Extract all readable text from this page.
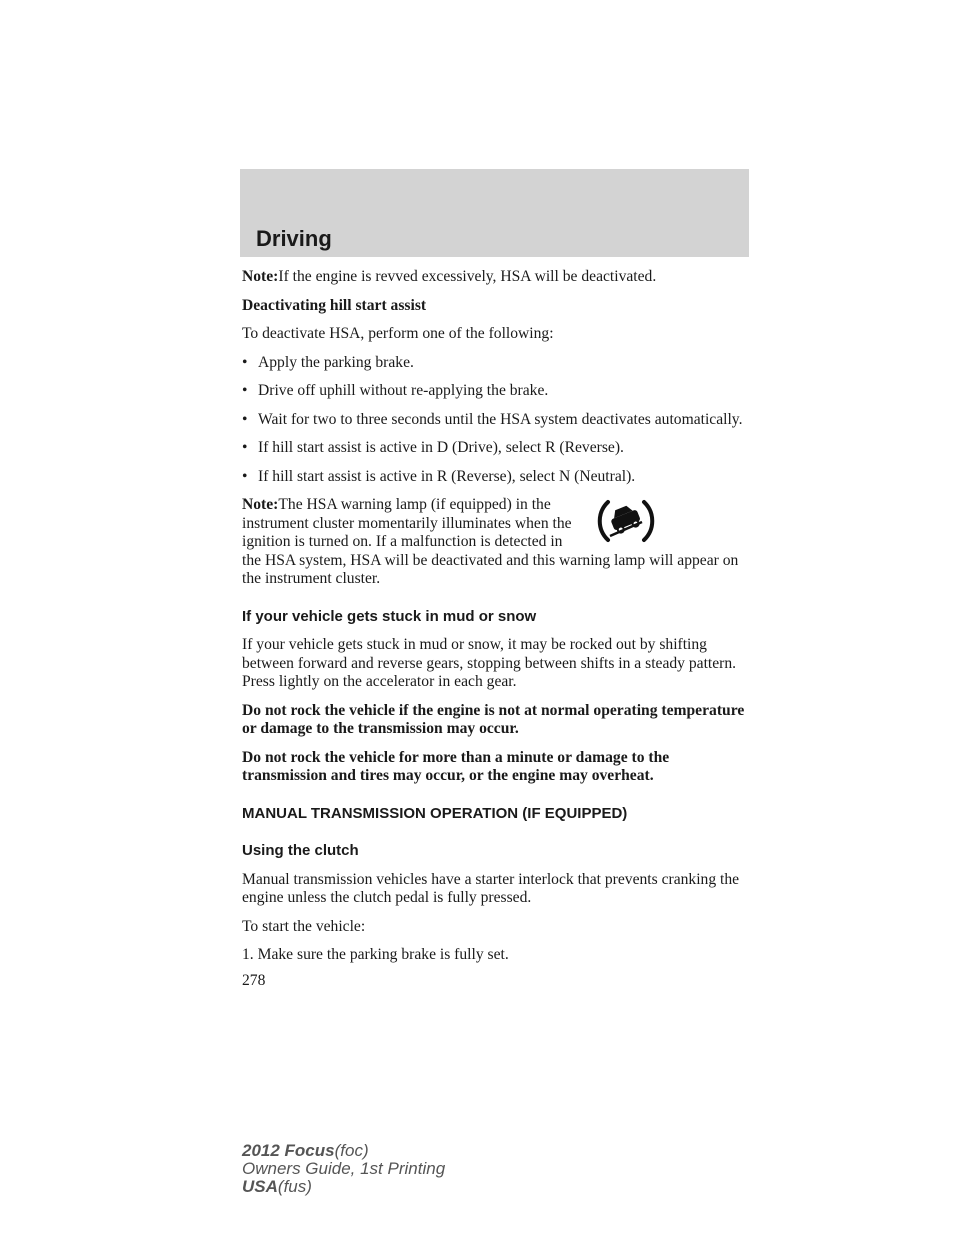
Driving

Note:If the engine is revved excessively, HSA will be deactivated.

Deactivating hill start assist

To deactivate HSA, perform one of the following:

• Apply the parking brake.
• Drive off uphill without re-applying the brake.
• Wait for two to three seconds until the HSA system deactivates automatically.
• If hill start assist is active in D (Drive), select R (Reverse).
• If hill start assist is active in R (Reverse), select N (Neutral).
Note:The HSA warning lamp (if equipped) in the instrument cluster momentarily illuminates when the ignition is turned on. If a malfunction is detected in the HSA system, HSA will be deactivated and this warning lamp will appear on the instrument cluster.

If your vehicle gets stuck in mud or snow

If your vehicle gets stuck in mud or snow, it may be rocked out by shifting between forward and reverse gears, stopping between shifts in a steady pattern. Press lightly on the accelerator in each gear.

Do not rock the vehicle if the engine is not at normal operating temperature or damage to the transmission may occur.

Do not rock the vehicle for more than a minute or damage to the transmission and tires may occur, or the engine may overheat.

MANUAL TRANSMISSION OPERATION (IF EQUIPPED)

Using the clutch

Manual transmission vehicles have a starter interlock that prevents cranking the engine unless the clutch pedal is fully pressed.

To start the vehicle:

1. Make sure the parking brake is fully set.

278
2012 Focus(foc)
Owners Guide, 1st Printing
USA(fus)
